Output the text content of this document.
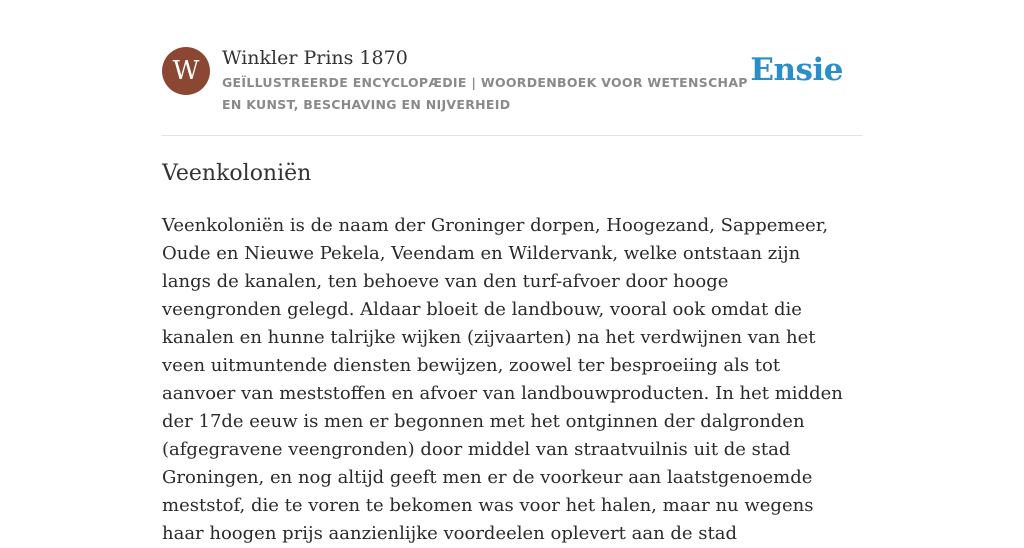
W	Winkler Prins 1870
GEÏLLUSTREERDE ENCYCLOPÆDIE | WOORDENBOEK VOOR WETENSCHAP EN KUNST, BESCHAVING EN NIJVERHEID
Ensie
Veenkoloniën

Veenkoloniën is de naam der Groninger dorpen, Hoogezand, Sappemeer, Oude en Nieuwe Pekela, Veendam en Wildervank, welke ontstaan zijn langs de kanalen, ten behoeve van den turf-afvoer door hooge veengronden gelegd. Aldaar bloeit de landbouw, vooral ook omdat die kanalen en hunne talrijke wijken (zijvaarten) na het verdwijnen van het veen uitmuntende diensten bewijzen, zoowel ter besproeiing als tot aanvoer van meststoffen en afvoer van landbouwproducten. In het midden der 17de eeuw is men er begonnen met het ontginnen der dalgronden (afgegravene veengronden) door middel van straatvuilnis uit de stad Groningen, en nog altijd geeft men er de voorkeur aan laatstgenoemde meststof, die te voren te bekomen was voor het halen, maar nu wegens haar hoogen prijs aanzienlijke voordeelen oplevert aan de stad
